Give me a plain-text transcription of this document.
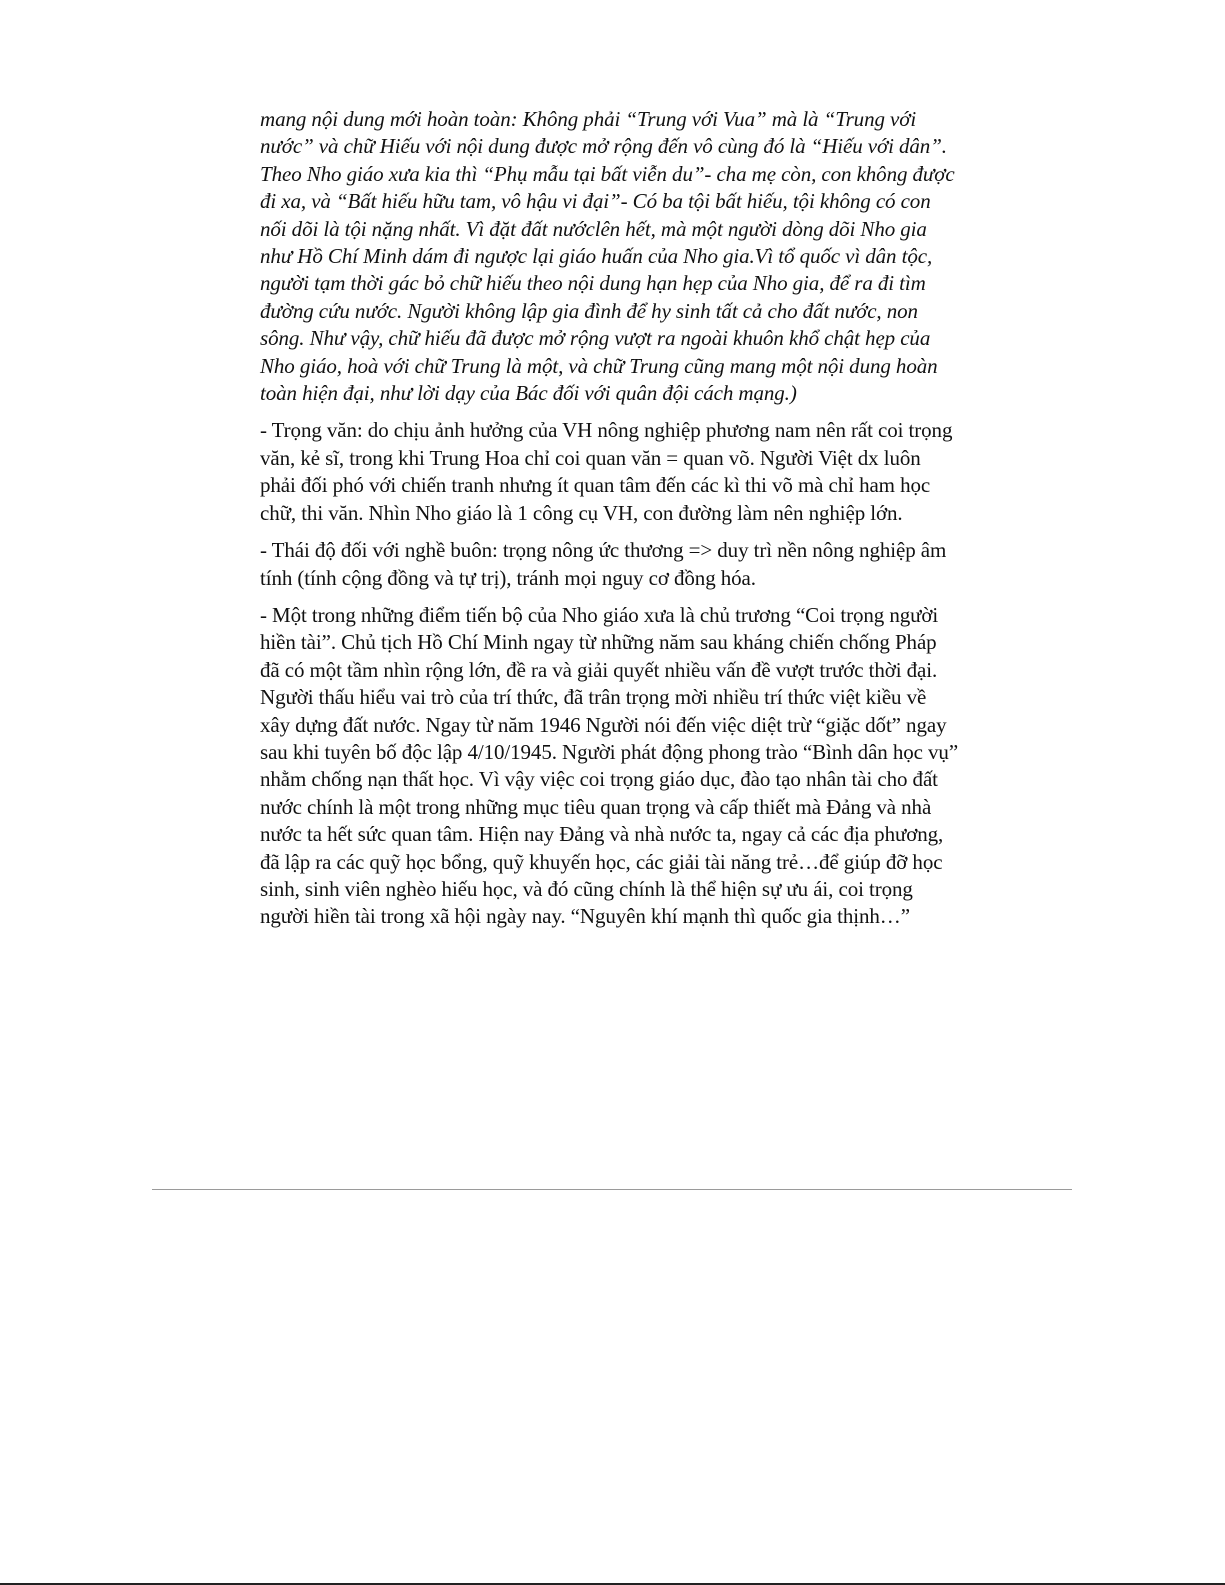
mang nội dung mới hoàn toàn: Không phải “Trung với Vua” mà là “Trung với nước” và chữ Hiếu với nội dung được mở rộng đến vô cùng đó là “Hiếu với dân”. Theo Nho giáo xưa kia thì “Phụ mẫu tại bất viễn du”- cha mẹ còn, con không được đi xa, và “Bất hiếu hữu tam, vô hậu vi đại”- Có ba tội bất hiếu, tội không có con nối dõi là tội nặng nhất. Vì đặt đất nướclên hết, mà một người dòng dõi Nho gia như Hồ Chí Minh dám đi ngược lại giáo huấn của Nho gia.Vì tổ quốc vì dân tộc, người tạm thời gác bỏ chữ hiếu theo nội dung hạn hẹp của Nho gia, để ra đi tìm đường cứu nước. Người không lập gia đình để hy sinh tất cả cho đất nước, non sông. Như vậy, chữ hiếu đã được mở rộng vượt ra ngoài khuôn khổ chật hẹp của Nho giáo, hoà với chữ Trung là một, và chữ Trung cũng mang một nội dung hoàn toàn hiện đại, như lời dạy của Bác đối với quân đội cách mạng.)

- Trọng văn: do chịu ảnh hưởng của VH nông nghiệp phương nam nên rất coi trọng văn, kẻ sĩ, trong khi Trung Hoa chỉ coi quan văn = quan võ. Người Việt dx luôn phải đối phó với chiến tranh nhưng ít quan tâm đến các kì thi võ mà chỉ ham học chữ, thi văn. Nhìn Nho giáo là 1 công cụ VH, con đường làm nên nghiệp lớn.

- Thái độ đối với nghề buôn: trọng nông ức thương => duy trì nền nông nghiệp âm tính (tính cộng đồng và tự trị), tránh mọi nguy cơ đồng hóa.

- Một trong những điểm tiến bộ của Nho giáo xưa là chủ trương “Coi trọng người hiền tài”. Chủ tịch Hồ Chí Minh ngay từ những năm sau kháng chiến chống Pháp đã có một tầm nhìn rộng lớn, đề ra và giải quyết nhiều vấn đề vượt trước thời đại. Người thấu hiểu vai trò của trí thức, đã trân trọng mời nhiều trí thức việt kiều về xây dựng đất nước. Ngay từ năm 1946 Người nói đến việc diệt trừ “giặc dốt” ngay sau khi tuyên bố độc lập 4/10/1945. Người phát động phong trào “Bình dân học vụ” nhằm chống nạn thất học. Vì vậy việc coi trọng giáo dục, đào tạo nhân tài cho đất nước chính là một trong những mục tiêu quan trọng và cấp thiết mà Đảng và nhà nước ta hết sức quan tâm. Hiện nay Đảng và nhà nước ta, ngay cả các địa phương, đã lập ra các quỹ học bổng, quỹ khuyến học, các giải tài năng trẻ…để giúp đỡ học sinh, sinh viên nghèo hiếu học, và đó cũng chính là thể hiện sự ưu ái, coi trọng người hiền tài trong xã hội ngày nay. “Nguyên khí mạnh thì quốc gia thịnh…”
